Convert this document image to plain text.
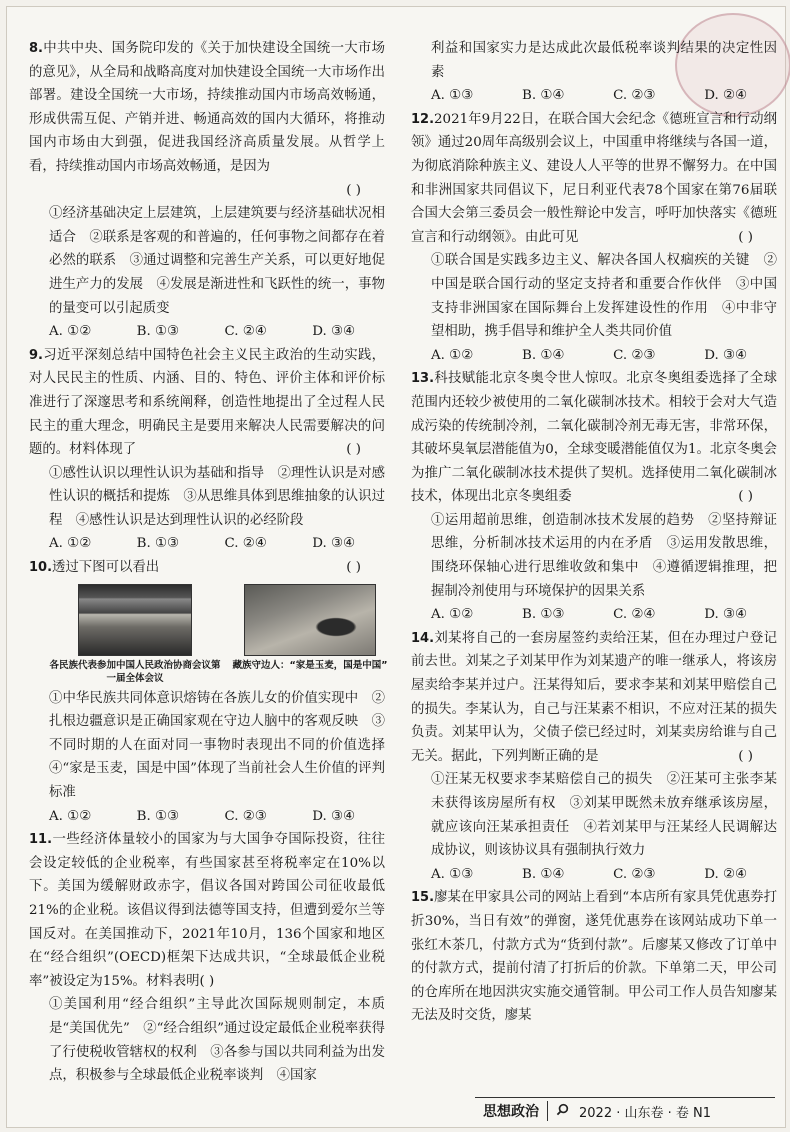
8.中共中央、国务院印发的《关于加快建设全国统一大市场的意见》，从全局和战略高度对加快建设全国统一大市场作出部署。建设全国统一大市场，持续推动国内市场高效畅通，形成供需互促、产销并进、畅通高效的国内大循环，将推动国内市场由大到强，促进我国经济高质量发展。从哲学上看，持续推动国内市场高效畅通，是因为

( )

①经济基础决定上层建筑，上层建筑要与经济基础状况相适合　②联系是客观的和普遍的，任何事物之间都存在着必然的联系　③通过调整和完善生产关系，可以更好地促进生产力的发展　④发展是渐进性和飞跃性的统一，事物的量变可以引起质变

A. ①②	B. ①③	C. ②④	D. ③④

9.习近平深刻总结中国特色社会主义民主政治的生动实践，对人民民主的性质、内涵、目的、特色、评价主体和评价标准进行了深邃思考和系统阐释，创造性地提出了全过程人民民主的重大理念，明确民主是要用来解决人民需要解决的问题的。材料体现了	( )

①感性认识以理性认识为基础和指导　②理性认识是对感性认识的概括和提炼　③从思维具体到思维抽象的认识过程　④感性认识是达到理性认识的必经阶段

A. ①②	B. ①③	C. ②④	D. ③④

10.透过下图可以看出	( )

各民族代表参加中国人民政治协商会议第一届全体会议
藏族守边人：“家是玉麦，国是中国”

①中华民族共同体意识熔铸在各族儿女的价值实现中　②扎根边疆意识是正确国家观在守边人脑中的客观反映　③不同时期的人在面对同一事物时表现出不同的价值选择　④“家是玉麦，国是中国”体现了当前社会人生价值的评判标准

A. ①②	B. ①③	C. ②③	D. ③④

11.一些经济体量较小的国家为与大国争夺国际投资，往往会设定较低的企业税率，有些国家甚至将税率定在10%以下。美国为缓解财政赤字，倡议各国对跨国公司征收最低21%的企业税。该倡议得到法德等国支持，但遭到爱尔兰等国反对。在美国推动下，2021年10月，136个国家和地区在“经合组织”(OECD)框架下达成共识，“全球最低企业税率”被设定为15%。材料表明( )

①美国利用“经合组织”主导此次国际规则制定，本质是“美国优先”　②“经合组织”通过设定最低企业税率获得了行使税收管辖权的权利　③各参与国以共同利益为出发点，积极参与全球最低企业税率谈判　④国家

利益和国家实力是达成此次最低税率谈判结果的决定性因素

A. ①③	B. ①④	C. ②③	D. ②④

12.2021年9月22日，在联合国大会纪念《德班宣言和行动纲领》通过20周年高级别会议上，中国重申将继续与各国一道，为彻底消除种族主义、建设人人平等的世界不懈努力。在中国和非洲国家共同倡议下，尼日利亚代表78个国家在第76届联合国大会第三委员会一般性辩论中发言，呼吁加快落实《德班宣言和行动纲领》。由此可见	( )

①联合国是实践多边主义、解决各国人权痼疾的关键　②中国是联合国行动的坚定支持者和重要合作伙伴　③中国支持非洲国家在国际舞台上发挥建设性的作用　④中非守望相助，携手倡导和维护全人类共同价值

A. ①②	B. ①④	C. ②③	D. ③④

13.科技赋能北京冬奥令世人惊叹。北京冬奥组委选择了全球范围内还较少被使用的二氧化碳制冰技术。相较于会对大气造成污染的传统制冷剂，二氧化碳制冷剂无毒无害，非常环保，其破坏臭氧层潜能值为0，全球变暖潜能值仅为1。北京冬奥会为推广二氧化碳制冰技术提供了契机。选择使用二氧化碳制冰技术，体现出北京冬奥组委	( )

①运用超前思维，创造制冰技术发展的趋势　②坚持辩证思维，分析制冰技术运用的内在矛盾　③运用发散思维，围绕环保轴心进行思维收敛和集中　④遵循逻辑推理，把握制冷剂使用与环境保护的因果关系

A. ①②	B. ①③	C. ②④	D. ③④

14.刘某将自己的一套房屋签约卖给汪某，但在办理过户登记前去世。刘某之子刘某甲作为刘某遗产的唯一继承人，将该房屋卖给李某并过户。汪某得知后，要求李某和刘某甲赔偿自己的损失。李某认为，自己与汪某素不相识，不应对汪某的损失负责。刘某甲认为，父债子偿已经过时，刘某卖房给谁与自己无关。据此，下列判断正确的是	( )

①汪某无权要求李某赔偿自己的损失　②汪某可主张李某未获得该房屋所有权　③刘某甲既然未放弃继承该房屋，就应该向汪某承担责任　④若刘某甲与汪某经人民调解达成协议，则该协议具有强制执行效力

A. ①③	B. ①④	C. ②③	D. ②④

15.廖某在甲家具公司的网站上看到“本店所有家具凭优惠券打折30%，当日有效”的弹窗，遂凭优惠券在该网站成功下单一张红木茶几，付款方式为“货到付款”。后廖某又修改了订单中的付款方式，提前付清了打折后的价款。下单第二天，甲公司的仓库所在地因洪灾实施交通管制。甲公司工作人员告知廖某无法及时交货，廖某

思想政治	2022 · 山东卷 · 卷 N1
